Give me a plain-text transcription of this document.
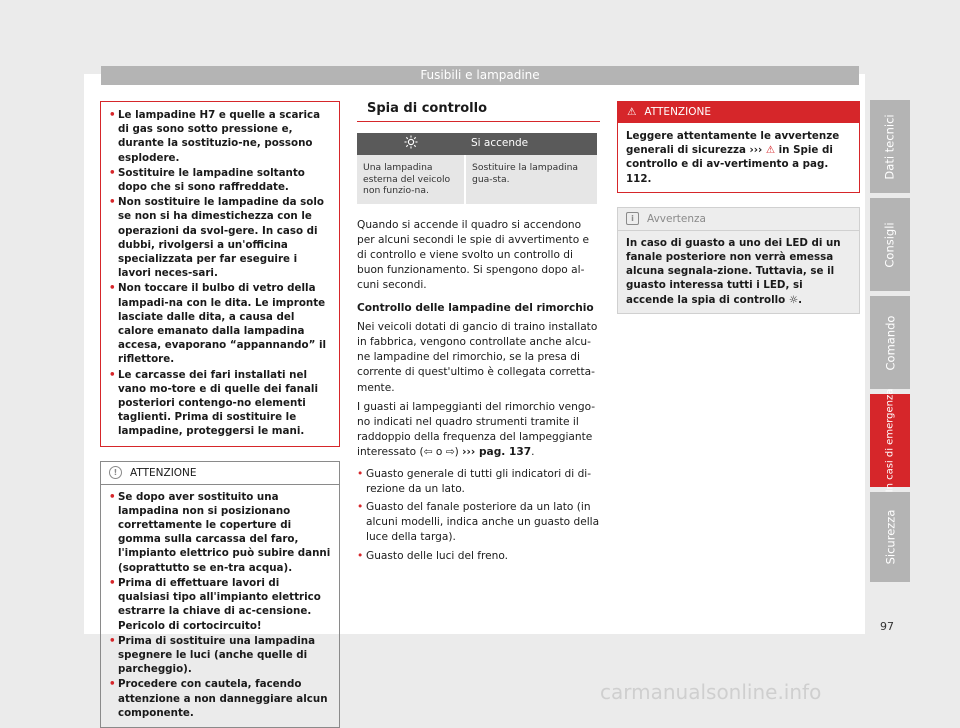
Fusibili e lampadine
• Le lampadine H7 e quelle a scarica di gas sono sotto pressione e, durante la sostituzio-ne, possono esplodere.
• Sostituire le lampadine soltanto dopo che si sono raffreddate.
• Non sostituire le lampadine da solo se non si ha dimestichezza con le operazioni da svol-gere. In caso di dubbi, rivolgersi a un'officina specializzata per far eseguire i lavori neces-sari.
• Non toccare il bulbo di vetro della lampadi-na con le dita. Le impronte lasciate dalle dita, a causa del calore emanato dalla lampadina accesa, evaporano “appannando” il riflettore.
• Le carcasse dei fari installati nel vano mo-tore e di quelle dei fanali posteriori contengo-no elementi taglienti. Prima di sostituire le lampadine, proteggersi le mani.
!	ATTENZIONE
• Se dopo aver sostituito una lampadina non si posizionano correttamente le coperture di gomma sulla carcassa del faro, l'impianto elettrico può subire danni (soprattutto se en-tra acqua).
• Prima di effettuare lavori di qualsiasi tipo all'impianto elettrico estrarre la chiave di ac-censione. Pericolo di cortocircuito!
• Prima di sostituire una lampadina spegnere le luci (anche quelle di parcheggio).
• Procedere con cautela, facendo attenzione a non danneggiare alcun componente.
Spia di controllo
	Si accende
Una lampadina esterna del veicolo non funzio-na.	Sostituire la lampadina gua-sta.

Quando si accende il quadro si accendono per alcuni secondi le spie di avvertimento e di controllo e viene svolto un controllo di buon funzionamento. Si spengono dopo al-cuni secondi.

Controllo delle lampadine del rimorchio

Nei veicoli dotati di gancio di traino installato in fabbrica, vengono controllate anche alcu-ne lampadine del rimorchio, se la presa di corrente di quest'ultimo è collegata corretta-mente.

I guasti ai lampeggianti del rimorchio vengo-no indicati nel quadro strumenti tramite il raddoppio della frequenza del lampeggiante interessato (⇦ o ⇨) ››› pag. 137.

• Guasto generale di tutti gli indicatori di di-rezione da un lato.
• Guasto del fanale posteriore da un lato (in alcuni modelli, indica anche un guasto della luce della targa).
• Guasto delle luci del freno.
⚠ ATTENZIONE

Leggere attentamente le avvertenze generali di sicurezza ››› ⚠ in Spie di controllo e di av-vertimento a pag. 112.

i	Avvertenza

In caso di guasto a uno dei LED di un fanale posteriore non verrà emessa alcuna segnala-zione. Tuttavia, se il guasto interessa tutti i LED, si accende la spia di controllo ☼.

Dati tecnici
Consigli
Comando
In casi di emergenza
Sicurezza
97
carmanualsonline.info
